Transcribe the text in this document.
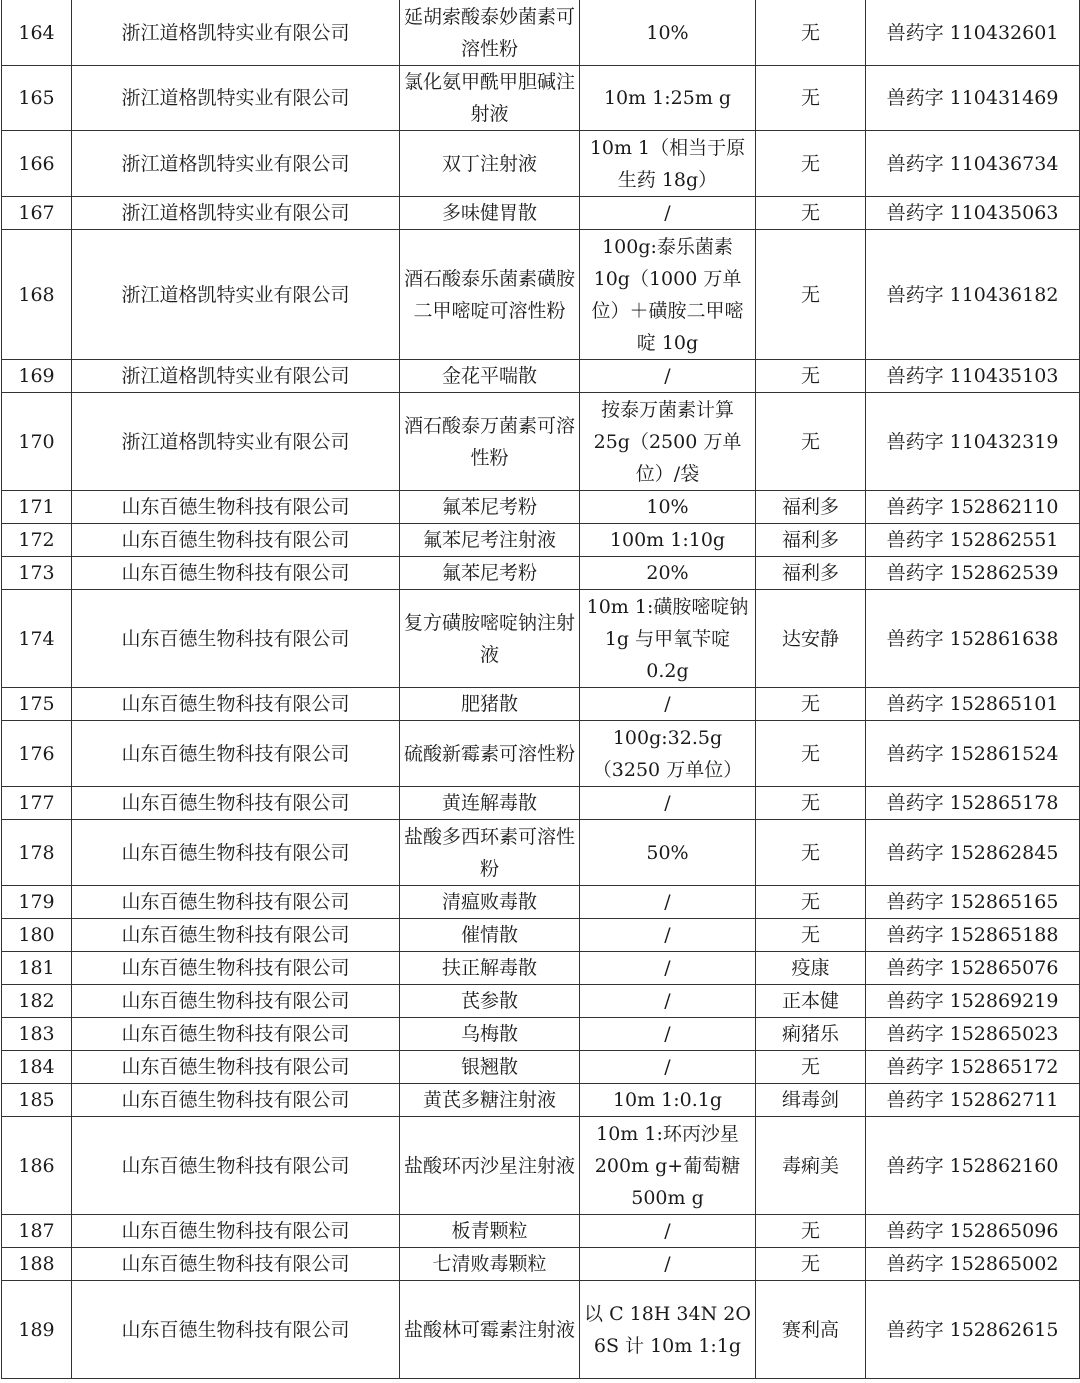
164	浙江道格凯特实业有限公司	延胡索酸泰妙菌素可溶性粉	10%	无	兽药字 110432601
165	浙江道格凯特实业有限公司	氯化氨甲酰甲胆碱注射液	10m 1:25m g	无	兽药字 110431469
166	浙江道格凯特实业有限公司	双丁注射液	10m 1（相当于原生药 18g）	无	兽药字 110436734
167	浙江道格凯特实业有限公司	多味健胃散	/	无	兽药字 110435063
168	浙江道格凯特实业有限公司	酒石酸泰乐菌素磺胺二甲嘧啶可溶性粉	100g:泰乐菌素 10g（1000 万单位）＋磺胺二甲嘧啶 10g	无	兽药字 110436182
169	浙江道格凯特实业有限公司	金花平喘散	/	无	兽药字 110435103
170	浙江道格凯特实业有限公司	酒石酸泰万菌素可溶性粉	按泰万菌素计算 25g（2500 万单位）/袋	无	兽药字 110432319
171	山东百德生物科技有限公司	氟苯尼考粉	10%	福利多	兽药字 152862110
172	山东百德生物科技有限公司	氟苯尼考注射液	100m 1:10g	福利多	兽药字 152862551
173	山东百德生物科技有限公司	氟苯尼考粉	20%	福利多	兽药字 152862539
174	山东百德生物科技有限公司	复方磺胺嘧啶钠注射液	10m 1:磺胺嘧啶钠 1g 与甲氧苄啶 0.2g	达安静	兽药字 152861638
175	山东百德生物科技有限公司	肥猪散	/	无	兽药字 152865101
176	山东百德生物科技有限公司	硫酸新霉素可溶性粉	100g:32.5g（3250 万单位）	无	兽药字 152861524
177	山东百德生物科技有限公司	黄连解毒散	/	无	兽药字 152865178
178	山东百德生物科技有限公司	盐酸多西环素可溶性粉	50%	无	兽药字 152862845
179	山东百德生物科技有限公司	清瘟败毒散	/	无	兽药字 152865165
180	山东百德生物科技有限公司	催情散	/	无	兽药字 152865188
181	山东百德生物科技有限公司	扶正解毒散	/	疫康	兽药字 152865076
182	山东百德生物科技有限公司	芪参散	/	正本健	兽药字 152869219
183	山东百德生物科技有限公司	乌梅散	/	痢猪乐	兽药字 152865023
184	山东百德生物科技有限公司	银翘散	/	无	兽药字 152865172
185	山东百德生物科技有限公司	黄芪多糖注射液	10m 1:0.1g	缉毒剑	兽药字 152862711
186	山东百德生物科技有限公司	盐酸环丙沙星注射液	10m 1:环丙沙星 200m g+葡萄糖 500m g	毒痢美	兽药字 152862160
187	山东百德生物科技有限公司	板青颗粒	/	无	兽药字 152865096
188	山东百德生物科技有限公司	七清败毒颗粒	/	无	兽药字 152865002
189	山东百德生物科技有限公司	盐酸林可霉素注射液	以 C 18H 34N 2O 6S 计 10m 1:1g	赛利高	兽药字 152862615
